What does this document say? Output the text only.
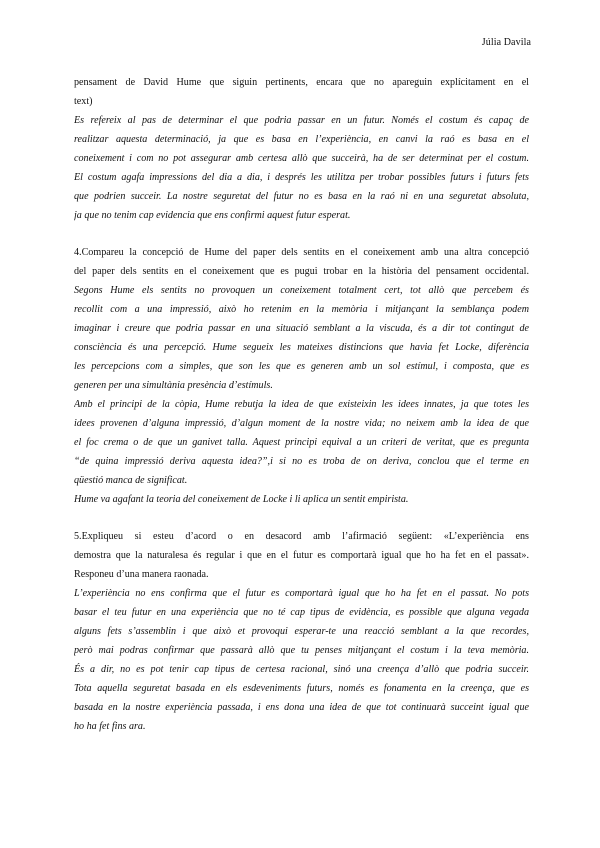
Júlia Davila
pensament de David Hume que siguin pertinents, encara que no apareguin explícitament en el
text)
Es refereix al pas de determinar el que podria passar en un futur. Només el costum és capaç de
realitzar aquesta determinació, ja que es basa en l’experiència, en canvi la raó es basa en el
coneixement i com no pot assegurar amb certesa allò que succeirà, ha de ser determinat per el costum.
El costum agafa impressions del dia a dia, i després les utilitza per trobar possibles futurs i futurs fets
que podrien succeir. La nostre seguretat del futur no es basa en la raó ni en una seguretat absoluta,
ja que no tenim cap evidencia que ens confirmi aquest futur esperat.
4.Compareu la concepció de Hume del paper dels sentits en el coneixement amb una altra concepció
del paper dels sentits en el coneixement que es pugui trobar en la història del pensament occidental.
Segons Hume els sentits no provoquen un coneixement totalment cert, tot allò que percebem és
recollit com a una impressió, això ho retenim en la memòria i mitjançant la semblança podem
imaginar i creure que podria passar en una situació semblant a la viscuda, és a dir tot contingut de
consciència és una percepció. Hume segueix les mateixes distincions que havia fet Locke, diferència
les percepcions com a simples, que son les que es generen amb un sol estímul, i composta, que es
generen per una simultània presència d’estímuls.
Amb el principi de la còpia, Hume rebutja la idea de que existeixin les idees innates, ja que totes les
idees provenen d’alguna impressió, d’algun moment de la nostre vida; no neixem amb la idea de que
el foc crema o de que un ganivet talla. Aquest principi equival a un criteri de veritat, que es pregunta
“de quina impressió deriva aquesta idea?”,i si no es troba de on deriva, conclou que el terme en
qüestió manca de significat.
Hume va agafant la teoria del coneixement de Locke i li aplica un sentit empirista.
5.Expliqueu si esteu d’acord o en desacord amb l’afirmació següent: «L’experiència ens
demostra que la naturalesa és regular i que en el futur es comportarà igual que ho ha fet en el passat».
Responeu d’una manera raonada.
L’experiència no ens confirma que el futur es comportarà igual que ho ha fet en el passat. No pots
basar el teu futur en una experiència que no té cap tipus de evidència, es possible que alguna vegada
alguns fets s’assemblin i que això et provoqui esperar-te una reacció semblant a la que recordes,
però mai podras confirmar que passarà allò que tu penses mitjançant el costum i la teva memòria.
És a dir, no es pot tenir cap tipus de certesa racional, sinó una creença d’allò que podria succeir.
Tota aquella seguretat basada en els esdeveniments futurs, només es fonamenta en la creença, que es
basada en la nostre experiència passada, i ens dona una idea de que tot continuarà succeint igual que
ho ha fet fins ara.
